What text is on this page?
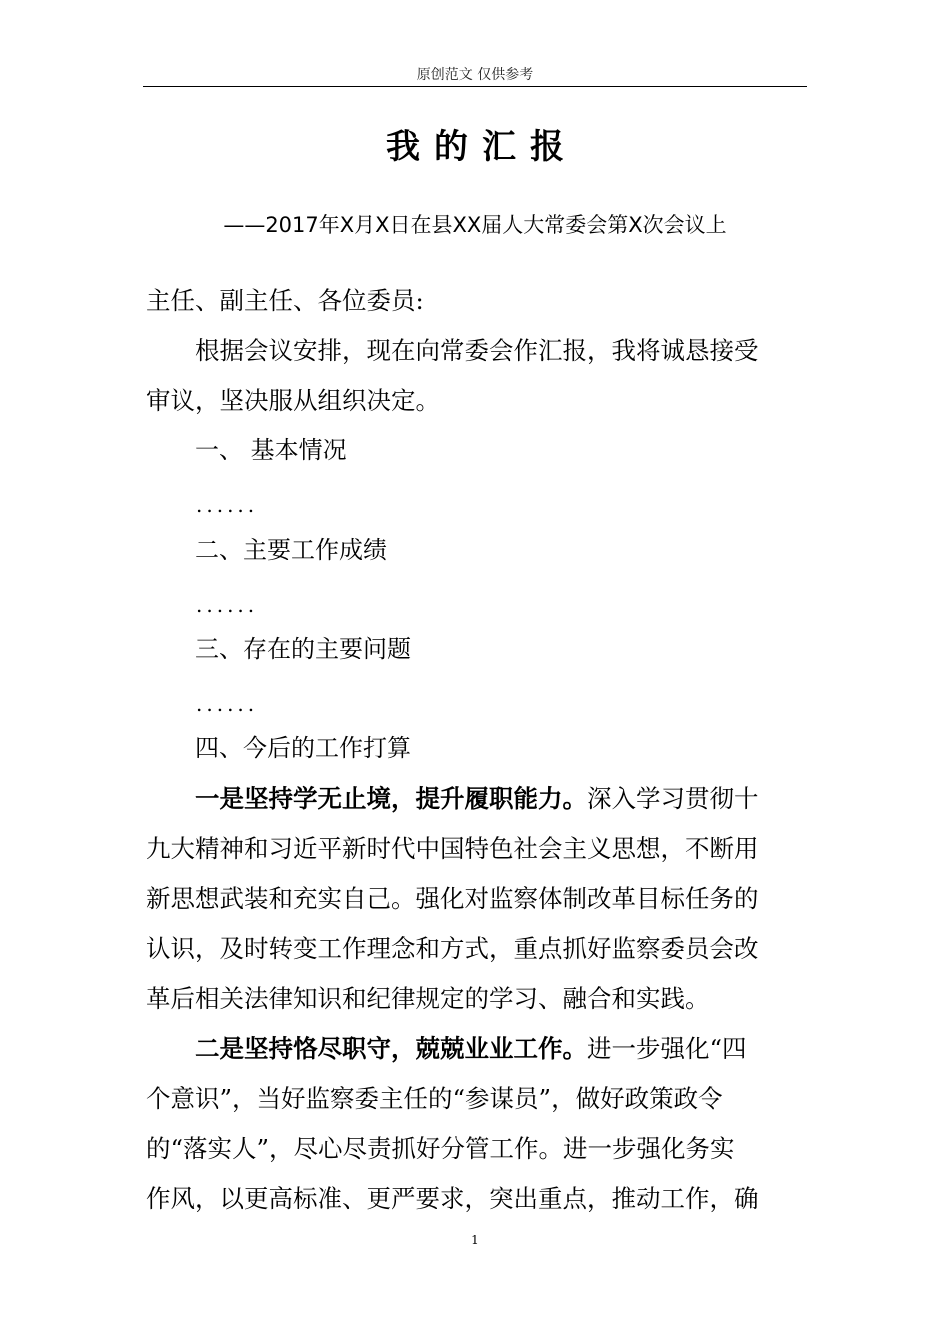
原创范文 仅供参考
我的汇报
——2017年X月X日在县XX届人大常委会第X次会议上
主任、副主任、各位委员:
根据会议安排，现在向常委会作汇报，我将诚恳接受
审议，坚决服从组织决定。
一、 基本情况
......
二、主要工作成绩
......
三、存在的主要问题
......
四、今后的工作打算
一是坚持学无止境，提升履职能力。深入学习贯彻十
九大精神和习近平新时代中国特色社会主义思想，不断用
新思想武装和充实自己。强化对监察体制改革目标任务的
认识，及时转变工作理念和方式，重点抓好监察委员会改
革后相关法律知识和纪律规定的学习、融合和实践。
二是坚持恪尽职守，兢兢业业工作。进一步强化“四
个意识”，当好监察委主任的“参谋员”，做好政策政令
的“落实人”，尽心尽责抓好分管工作。进一步强化务实
作风，以更高标准、更严要求，突出重点，推动工作，确
1
